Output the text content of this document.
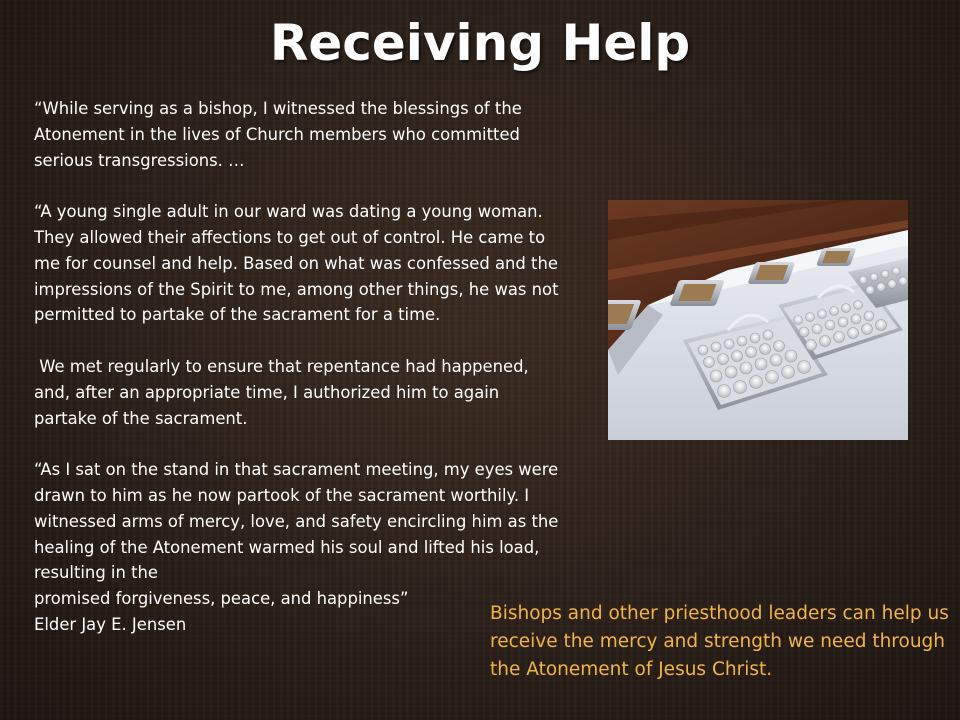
Receiving Help

“While serving as a bishop, I witnessed the blessings of the Atonement in the lives of Church members who committed serious transgressions. …

“A young single adult in our ward was dating a young woman. They allowed their affections to get out of control. He came to me for counsel and help. Based on what was confessed and the impressions of the Spirit to me, among other things, he was not permitted to partake of the sacrament for a time.

We met regularly to ensure that repentance had happened, and, after an appropriate time, I authorized him to again partake of the sacrament.

“As I sat on the stand in that sacrament meeting, my eyes were drawn to him as he now partook of the sacrament worthily. I witnessed arms of mercy, love, and safety encircling him as the healing of the Atonement warmed his soul and lifted his load, resulting in the
promised forgiveness, peace, and happiness”
Elder Jay E. Jensen

Bishops and other priesthood leaders can help us receive the mercy and strength we need through the Atonement of Jesus Christ.
